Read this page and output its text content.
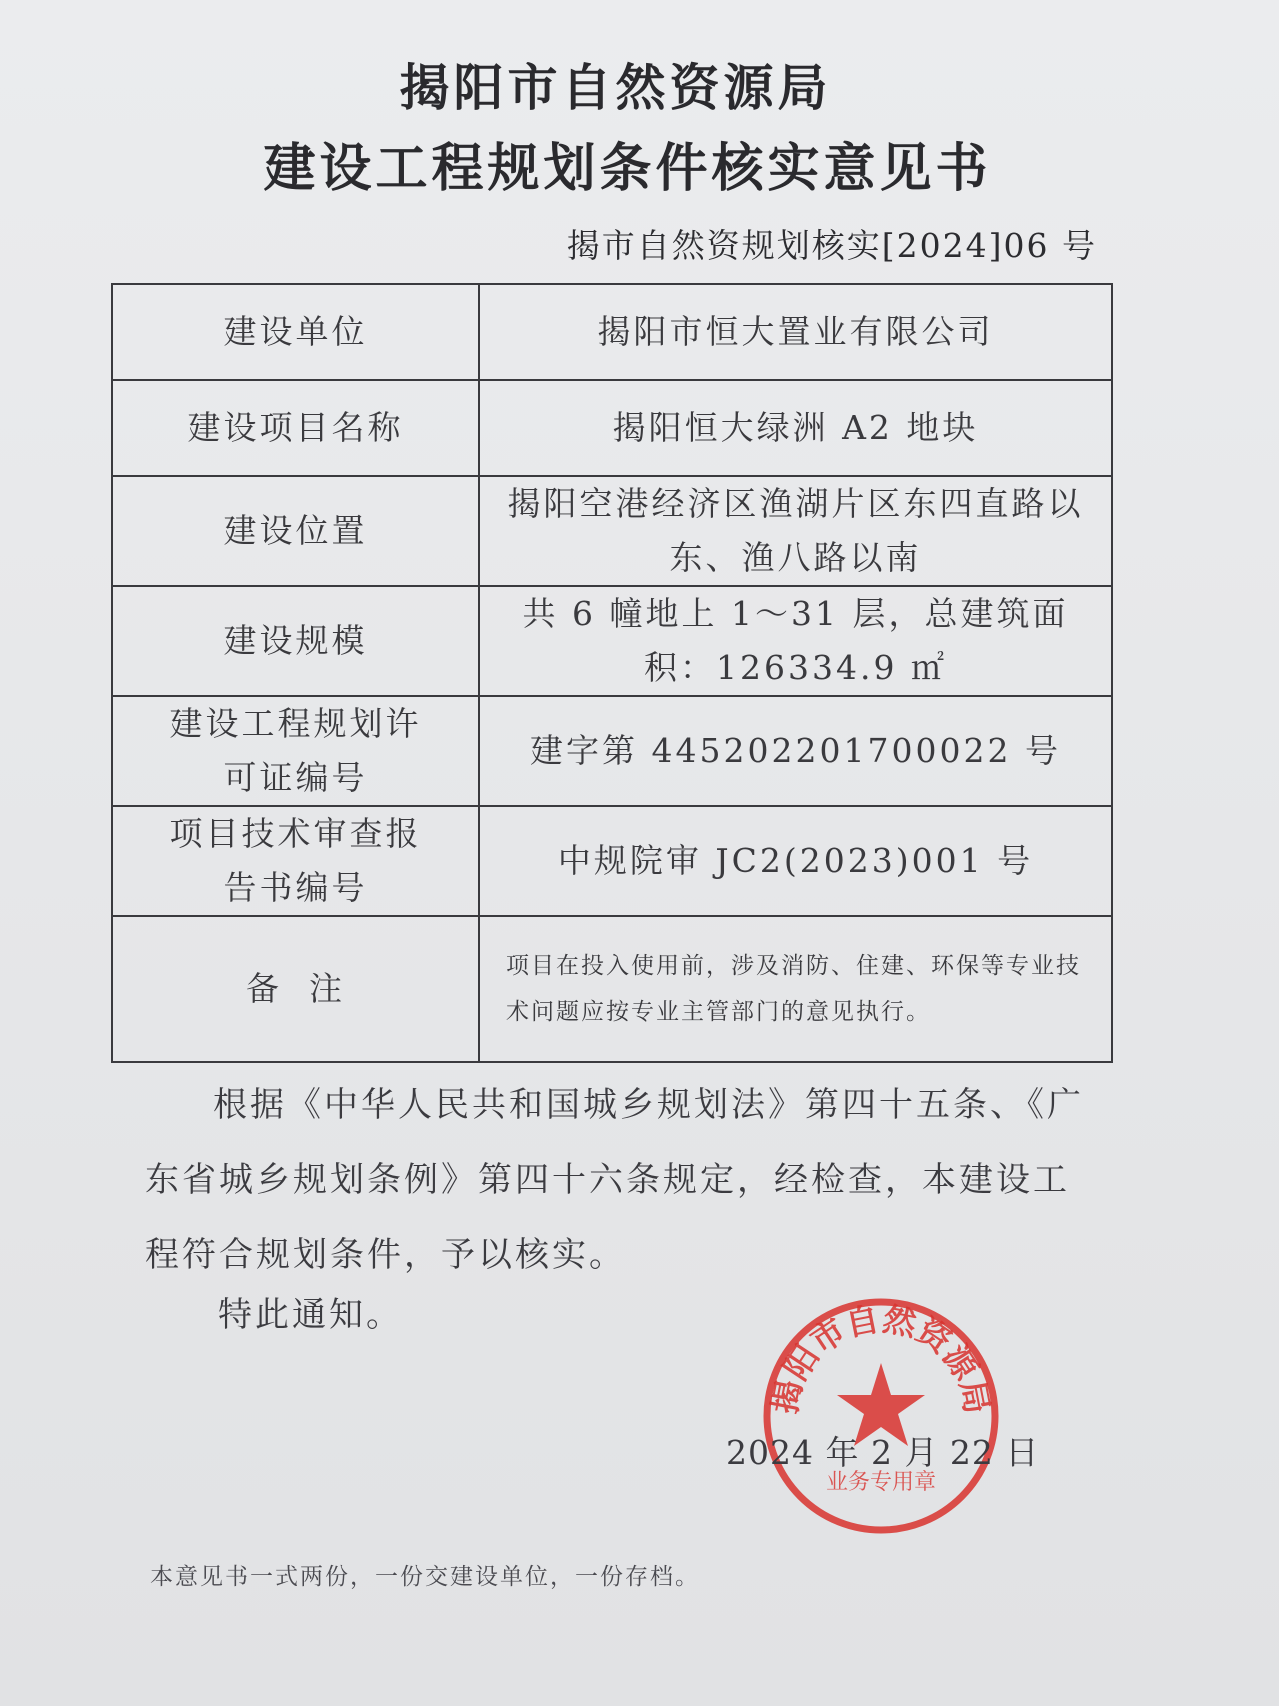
揭阳市自然资源局
建设工程规划条件核实意见书
揭市自然资规划核实[2024]06 号
建设单位	揭阳市恒大置业有限公司
建设项目名称	揭阳恒大绿洲 A2 地块
建设位置	揭阳空港经济区渔湖片区东四直路以东、渔八路以南
建设规模	共 6 幢地上 1～31 层，总建筑面积：126334.9 ㎡
建设工程规划许可证编号	建字第 445202201700022 号
项目技术审查报告书编号	中规院审 JC2(2023)001 号
备  注	项目在投入使用前，涉及消防、住建、环保等专业技术问题应按专业主管部门的意见执行。

根据《中华人民共和国城乡规划法》第四十五条、《广东省城乡规划条例》第四十六条规定，经检查，本建设工程符合规划条件，予以核实。

特此通知。
揭阳市自然资源局
业务专用章
2024 年 2 月 22 日
本意见书一式两份，一份交建设单位，一份存档。
